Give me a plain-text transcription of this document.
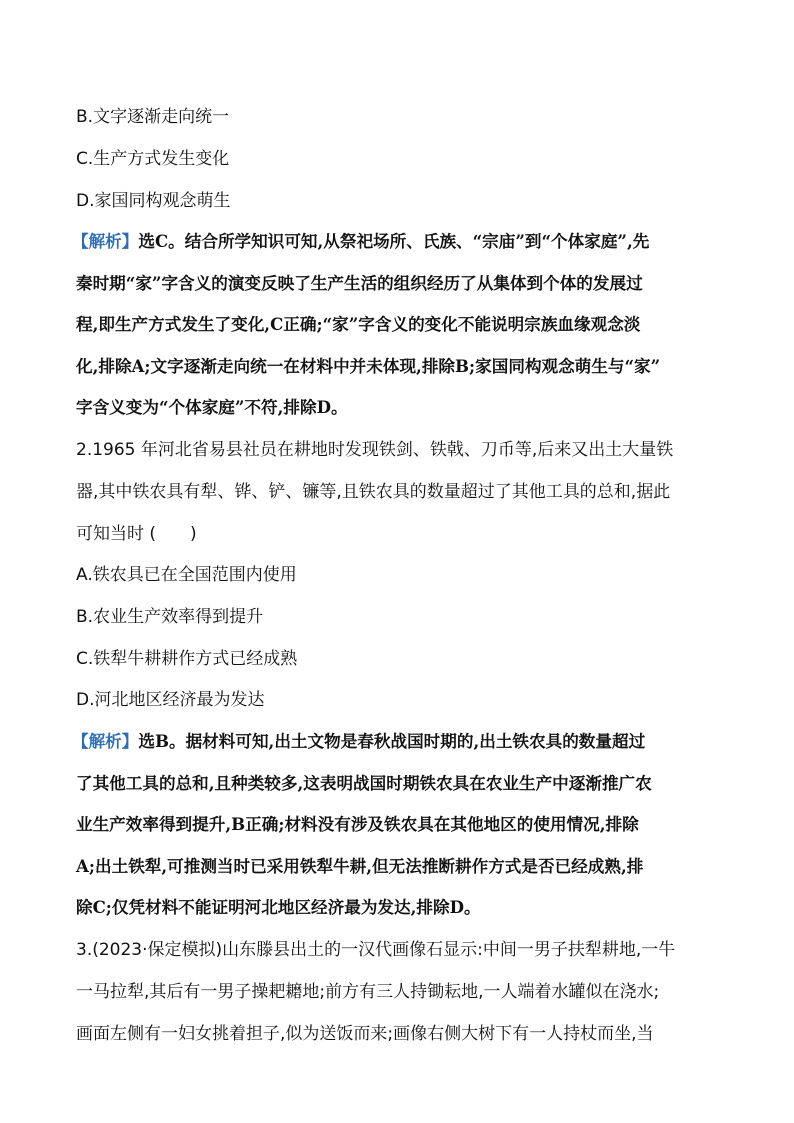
B.文字逐渐走向统一
C.生产方式发生变化
D.家国同构观念萌生
【解析】选C。结合所学知识可知,从祭祀场所、氏族、“宗庙”到“个体家庭”,先
秦时期“家”字含义的演变反映了生产生活的组织经历了从集体到个体的发展过
程,即生产方式发生了变化,C正确;“家”字含义的变化不能说明宗族血缘观念淡
化,排除A;文字逐渐走向统一在材料中并未体现,排除B;家国同构观念萌生与“家”
字含义变为“个体家庭”不符,排除D。
2.1965 年河北省易县社员在耕地时发现铁剑、铁戟、刀币等,后来又出土大量铁
器,其中铁农具有犁、铧、铲、镰等,且铁农具的数量超过了其他工具的总和,据此
可知当时 (　　)
A.铁农具已在全国范围内使用
B.农业生产效率得到提升
C.铁犁牛耕耕作方式已经成熟
D.河北地区经济最为发达
【解析】选B。据材料可知,出土文物是春秋战国时期的,出土铁农具的数量超过
了其他工具的总和,且种类较多,这表明战国时期铁农具在农业生产中逐渐推广农
业生产效率得到提升,B正确;材料没有涉及铁农具在其他地区的使用情况,排除
A;出土铁犁,可推测当时已采用铁犁牛耕,但无法推断耕作方式是否已经成熟,排
除C;仅凭材料不能证明河北地区经济最为发达,排除D。
3.(2023·保定模拟)山东滕县出土的一汉代画像石显示:中间一男子扶犁耕地,一牛
一马拉犁,其后有一男子操耙耱地;前方有三人持锄耘地,一人端着水罐似在浇水;
画面左侧有一妇女挑着担子,似为送饭而来;画像右侧大树下有一人持杖而坐,当
